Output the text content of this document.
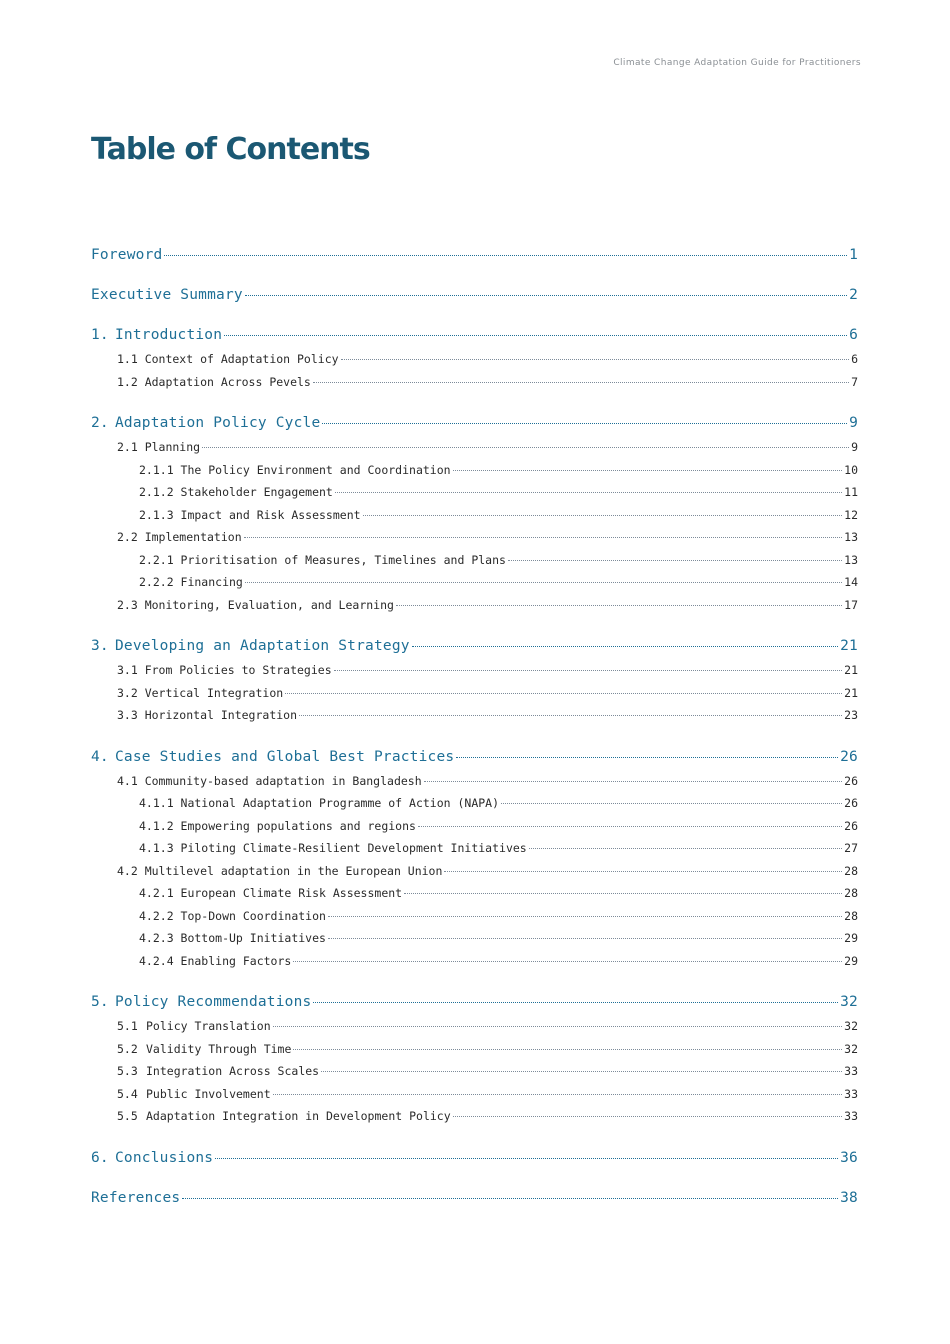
Climate Change Adaptation Guide for Practitioners
Table of Contents
Foreword	1
Executive Summary	2
1. Introduction	6
1.1 Context of Adaptation Policy	6
1.2 Adaptation Across Pevels	7
2. Adaptation Policy Cycle	9
2.1 Planning	9
2.1.1 The Policy Environment and Coordination	10
2.1.2 Stakeholder Engagement	11
2.1.3 Impact and Risk Assessment	12
2.2 Implementation	13
2.2.1 Prioritisation of Measures, Timelines and Plans	13
2.2.2 Financing	14
2.3 Monitoring, Evaluation, and Learning	17
3. Developing an Adaptation Strategy	21
3.1 From Policies to Strategies	21
3.2 Vertical Integration	21
3.3 Horizontal Integration	23
4. Case Studies and Global Best Practices	26
4.1 Community-based adaptation in Bangladesh	26
4.1.1 National Adaptation Programme of Action (NAPA)	26
4.1.2 Empowering populations and regions	26
4.1.3 Piloting Climate-Resilient Development Initiatives	27
4.2 Multilevel adaptation in the European Union	28
4.2.1 European Climate Risk Assessment	28
4.2.2 Top-Down Coordination	28
4.2.3 Bottom-Up Initiatives	29
4.2.4 Enabling Factors	29
5. Policy Recommendations	32
5.1 Policy Translation	32
5.2 Validity Through Time	32
5.3 Integration Across Scales	33
5.4 Public Involvement	33
5.5 Adaptation Integration in Development Policy	33
6. Conclusions	36
References	38
